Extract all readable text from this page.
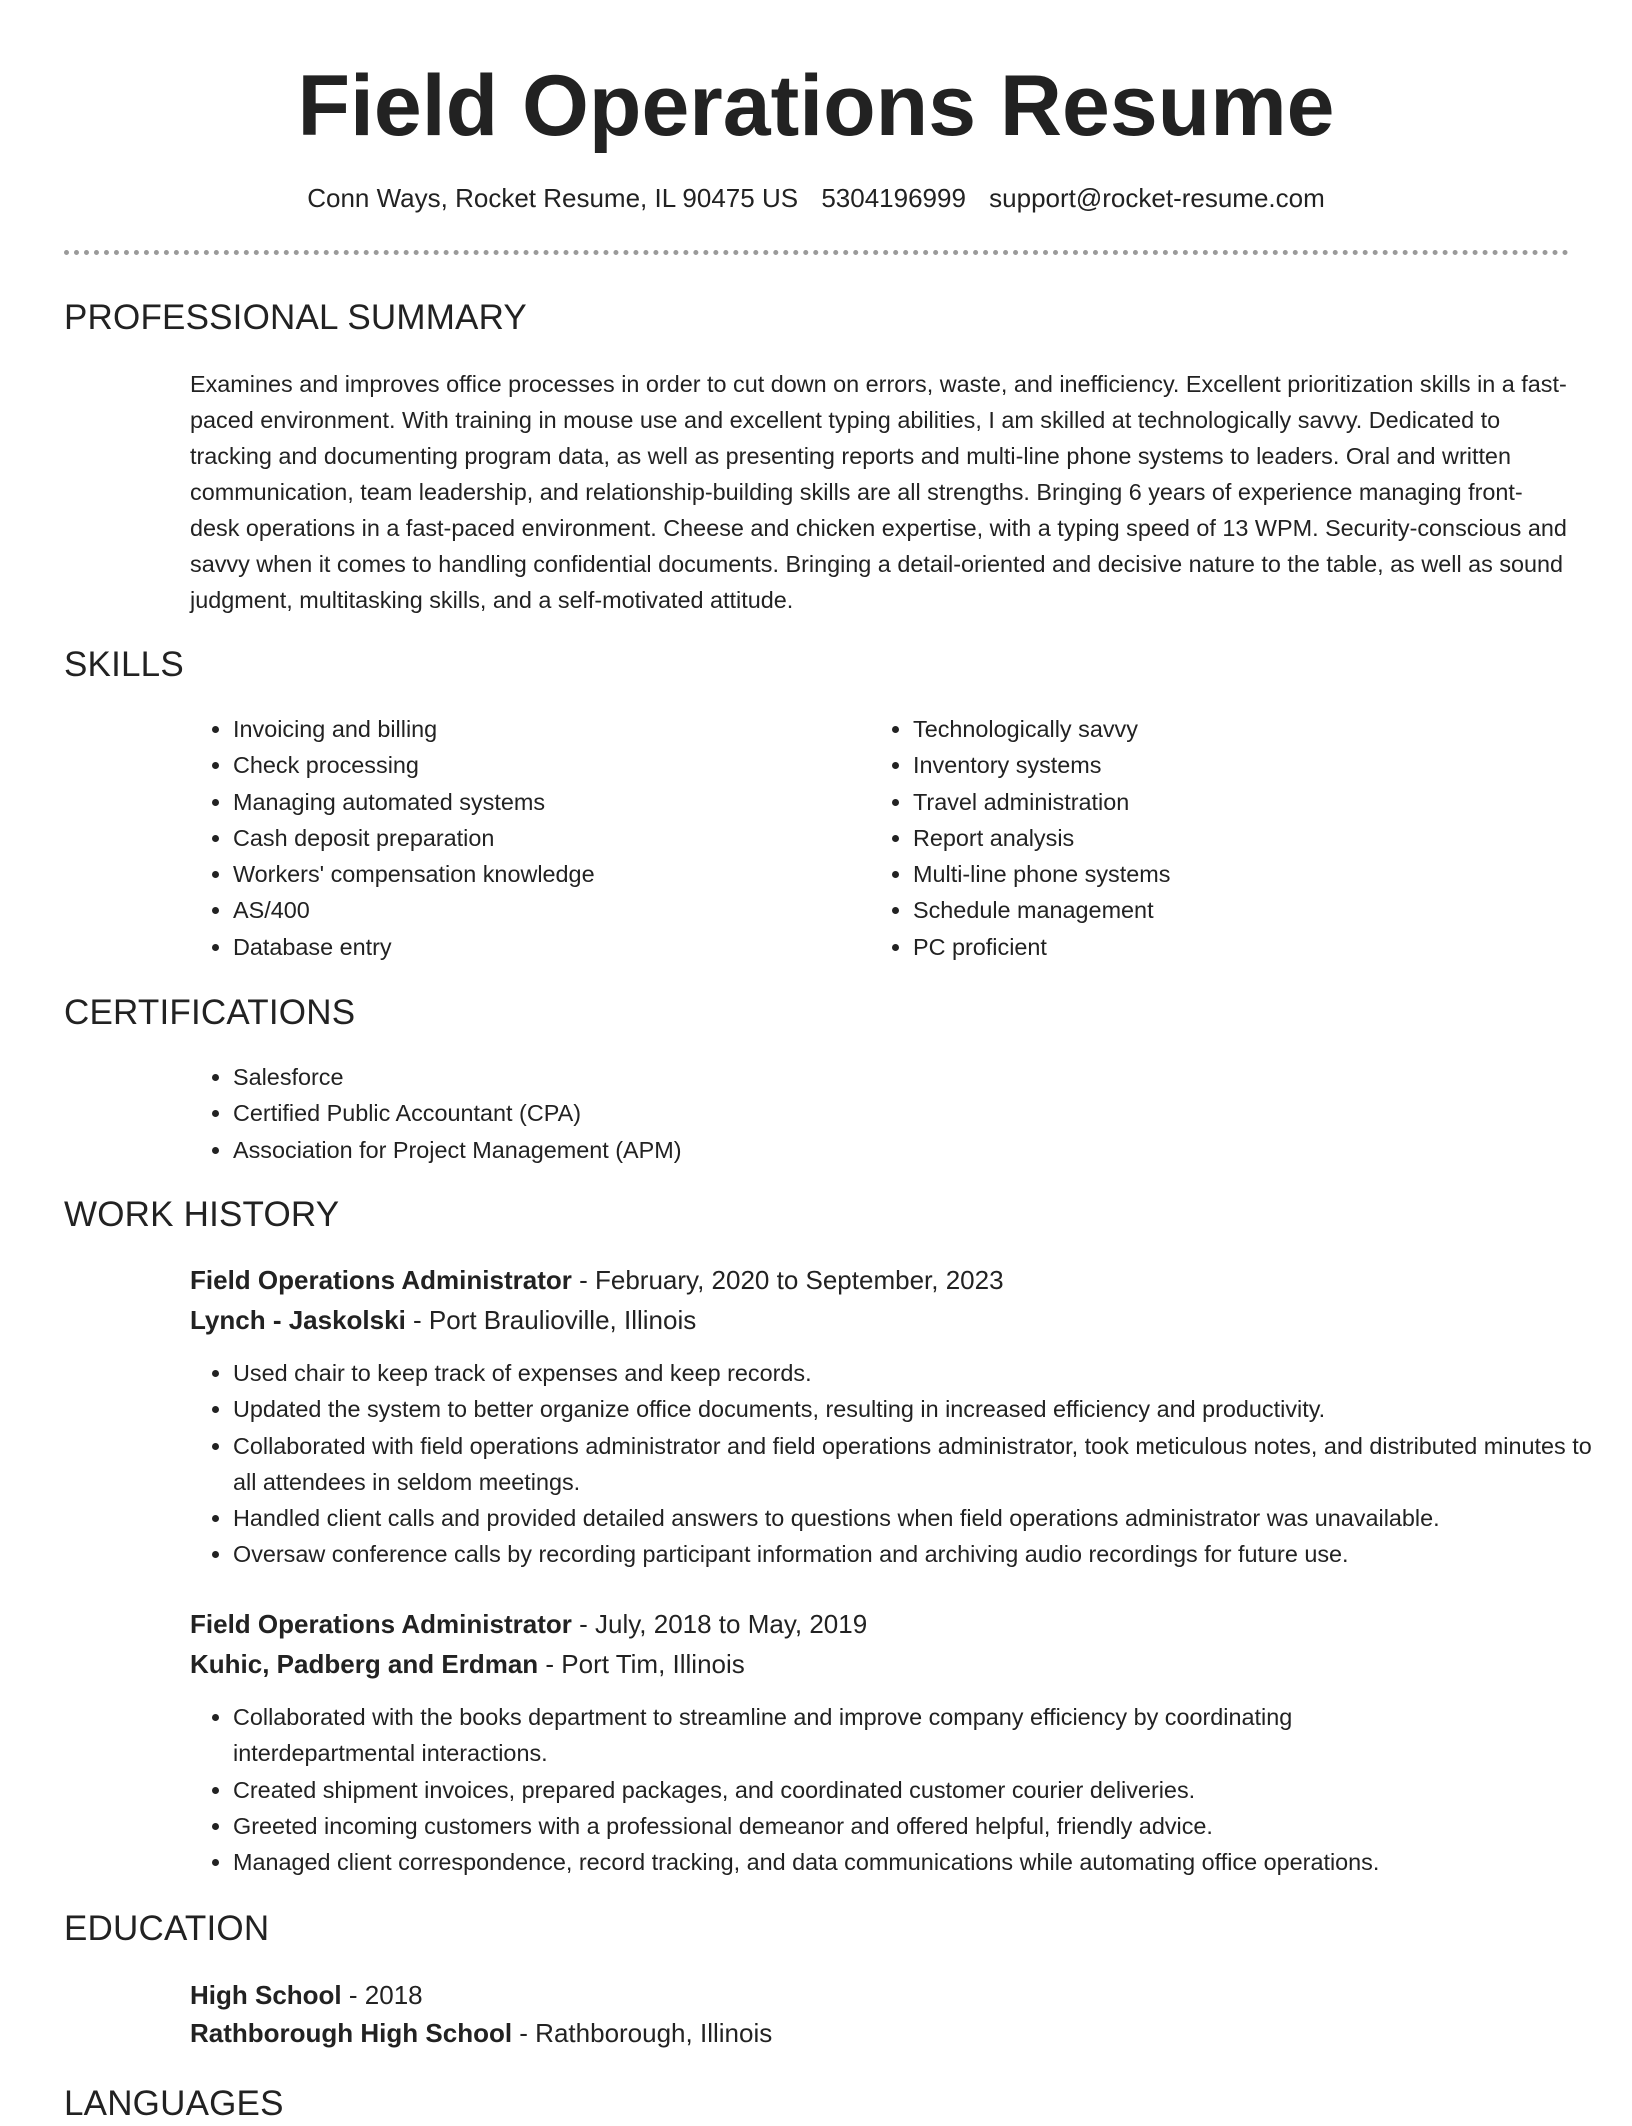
Field Operations Resume
Conn Ways, Rocket Resume, IL 90475 US 5304196999 support@rocket-resume.com
PROFESSIONAL SUMMARY

Examines and improves office processes in order to cut down on errors, waste, and inefficiency. Excellent prioritization skills in a fast-paced environment. With training in mouse use and excellent typing abilities, I am skilled at technologically savvy. Dedicated to tracking and documenting program data, as well as presenting reports and multi-line phone systems to leaders. Oral and written communication, team leadership, and relationship-building skills are all strengths. Bringing 6 years of experience managing front-desk operations in a fast-paced environment. Cheese and chicken expertise, with a typing speed of 13 WPM. Security-conscious and savvy when it comes to handling confidential documents. Bringing a detail-oriented and decisive nature to the table, as well as sound judgment, multitasking skills, and a self-motivated attitude.

SKILLS
• Invoicing and billing
• Check processing
• Managing automated systems
• Cash deposit preparation
• Workers' compensation knowledge
• AS/400
• Database entry
• Technologically savvy
• Inventory systems
• Travel administration
• Report analysis
• Multi-line phone systems
• Schedule management
• PC proficient
CERTIFICATIONS
• Salesforce
• Certified Public Accountant (CPA)
• Association for Project Management (APM)
WORK HISTORY
Field Operations Administrator - February, 2020 to September, 2023
Lynch - Jaskolski - Port Braulioville, Illinois
• Used chair to keep track of expenses and keep records.
• Updated the system to better organize office documents, resulting in increased efficiency and productivity.
• Collaborated with field operations administrator and field operations administrator, took meticulous notes, and distributed minutes to all attendees in seldom meetings.
• Handled client calls and provided detailed answers to questions when field operations administrator was unavailable.
• Oversaw conference calls by recording participant information and archiving audio recordings for future use.
Field Operations Administrator - July, 2018 to May, 2019
Kuhic, Padberg and Erdman - Port Tim, Illinois
• Collaborated with the books department to streamline and improve company efficiency by coordinating interdepartmental interactions.
• Created shipment invoices, prepared packages, and coordinated customer courier deliveries.
• Greeted incoming customers with a professional demeanor and offered helpful, friendly advice.
• Managed client correspondence, record tracking, and data communications while automating office operations.
EDUCATION
High School - 2018
Rathborough High School - Rathborough, Illinois
LANGUAGES
